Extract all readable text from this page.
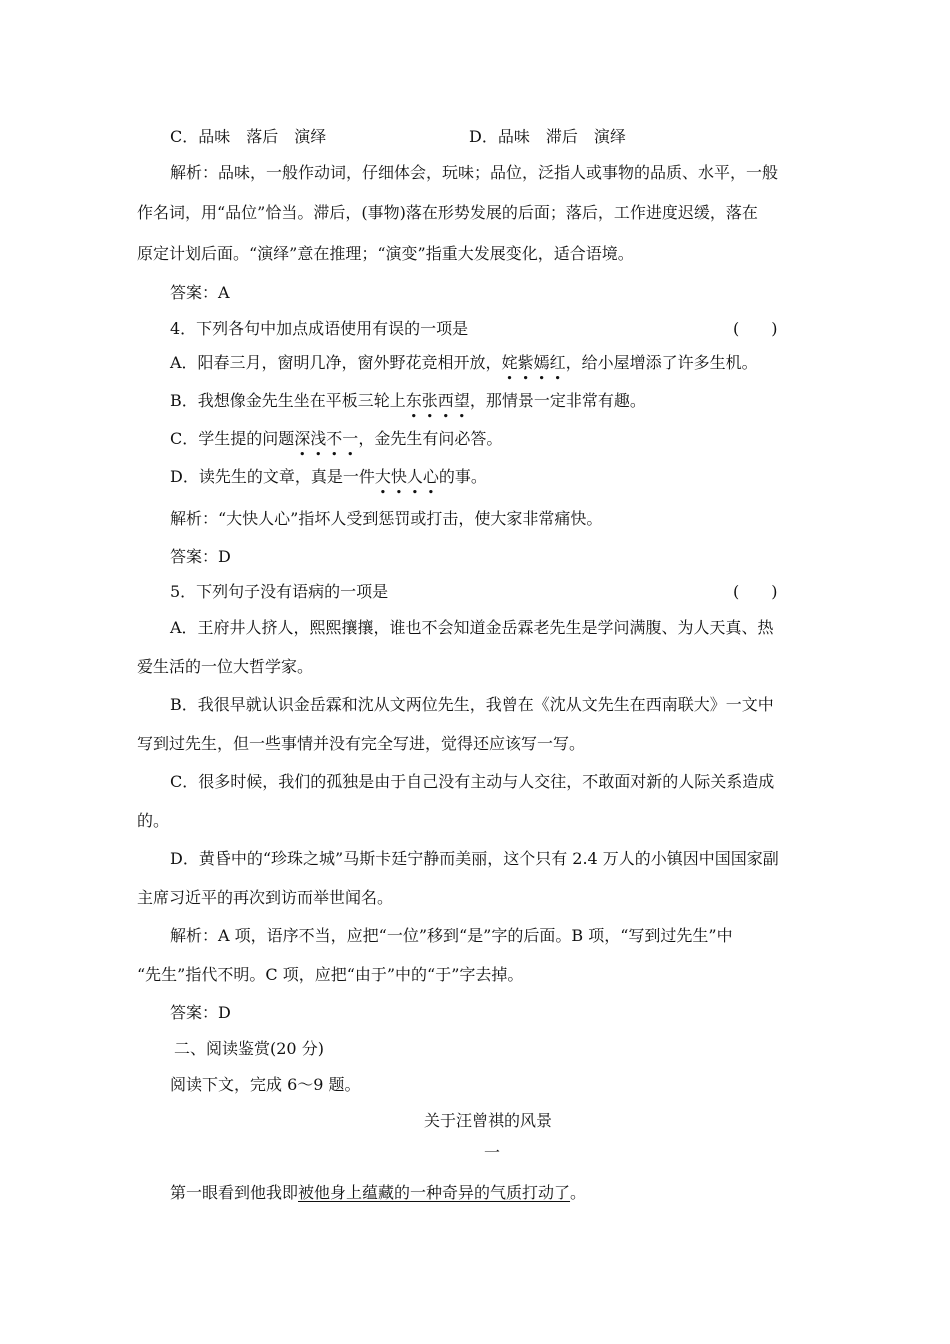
C．品味　落后　演绎	D．品味　滞后　演绎
解析：品味，一般作动词，仔细体会，玩味；品位，泛指人或事物的品质、水平，一般
作名词，用“品位”恰当。滞后，(事物)落在形势发展的后面；落后，工作进度迟缓，落在
原定计划后面。“演绎”意在推理；“演变”指重大发展变化，适合语境。
答案：A
4．下列各句中加点成语使用有误的一项是	(　　)
A．阳春三月，窗明几净，窗外野花竞相开放，姹紫嫣红，给小屋增添了许多生机。
B．我想像金先生坐在平板三轮上东张西望，那情景一定非常有趣。
C．学生提的问题深浅不一，金先生有问必答。
D．读先生的文章，真是一件大快人心的事。
解析：“大快人心”指坏人受到惩罚或打击，使大家非常痛快。
答案：D
5．下列句子没有语病的一项是	(　　)
A．王府井人挤人，熙熙攘攘，谁也不会知道金岳霖老先生是学问满腹、为人天真、热
爱生活的一位大哲学家。
B．我很早就认识金岳霖和沈从文两位先生，我曾在《沈从文先生在西南联大》一文中
写到过先生，但一些事情并没有完全写进，觉得还应该写一写。
C．很多时候，我们的孤独是由于自己没有主动与人交往，不敢面对新的人际关系造成
的。
D．黄昏中的“珍珠之城”马斯卡廷宁静而美丽，这个只有 2.4 万人的小镇因中国国家副
主席习近平的再次到访而举世闻名。
解析：A 项，语序不当，应把“一位”移到“是”字的后面。B 项，“写到过先生”中
“先生”指代不明。C 项，应把“由于”中的“于”字去掉。
答案：D
二、阅读鉴赏(20 分)
阅读下文，完成 6～9 题。
关于汪曾祺的风景
一
第一眼看到他我即被他身上蕴藏的一种奇异的气质打动了。
